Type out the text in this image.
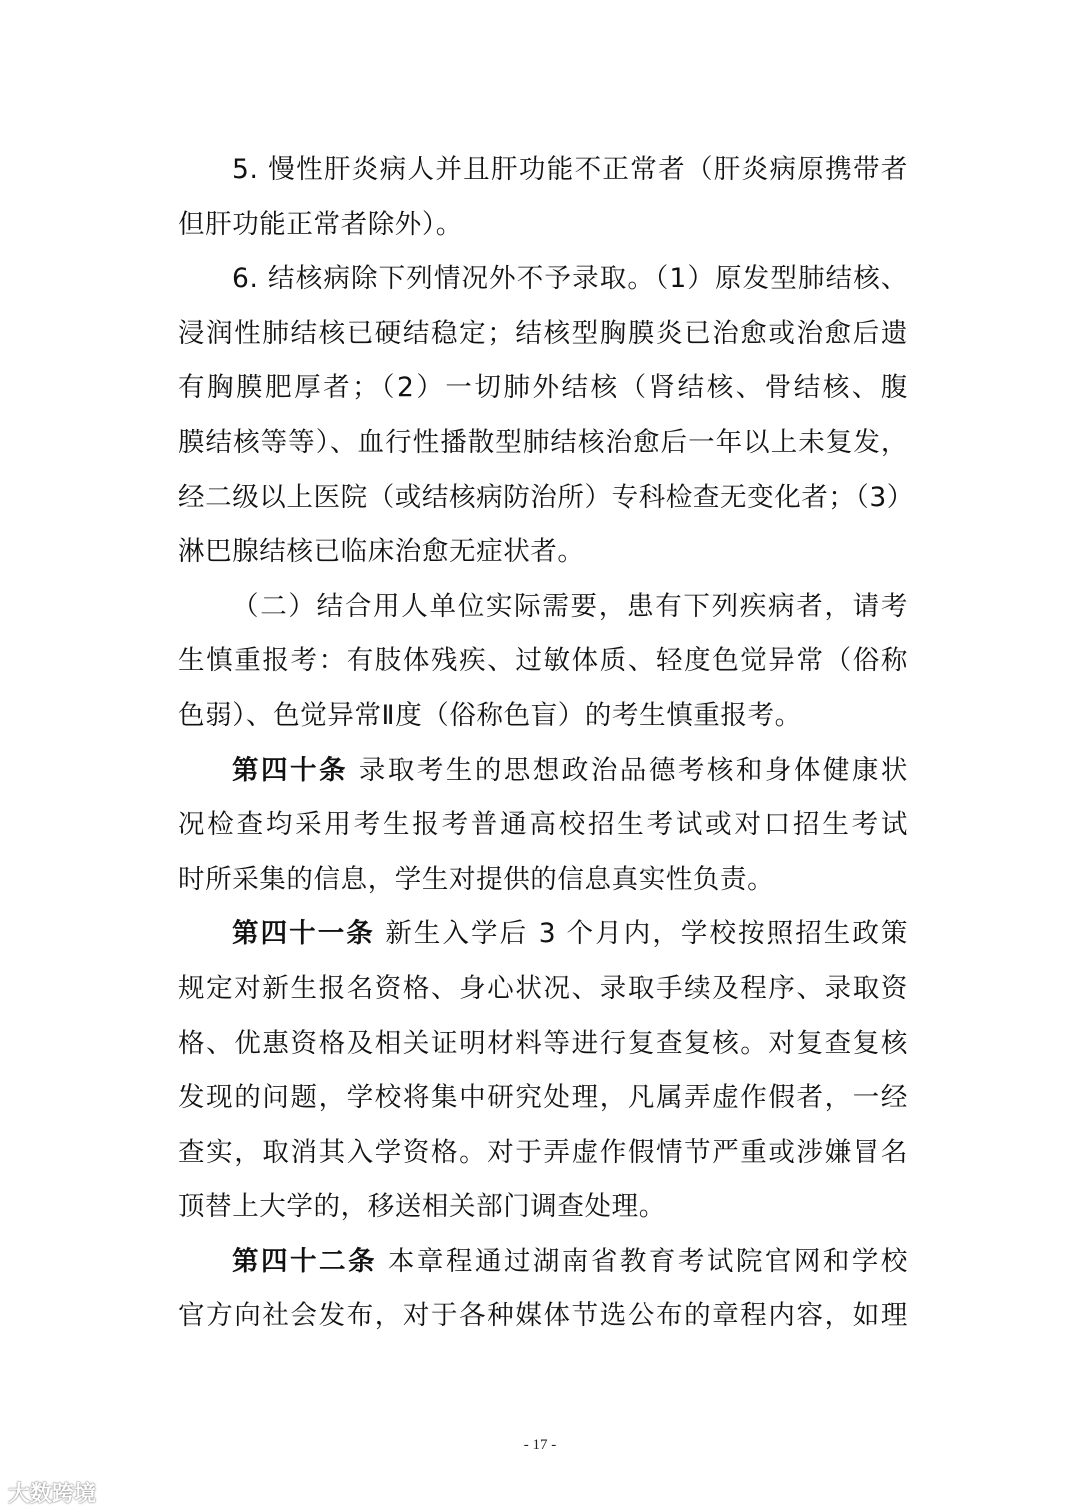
5. 慢性肝炎病人并且肝功能不正常者（肝炎病原携带者
但肝功能正常者除外）。
6. 结核病除下列情况外不予录取。（1）原发型肺结核、
浸润性肺结核已硬结稳定；结核型胸膜炎已治愈或治愈后遗
有胸膜肥厚者；（2）一切肺外结核（肾结核、骨结核、腹
膜结核等等）、血行性播散型肺结核治愈后一年以上未复发，
经二级以上医院（或结核病防治所）专科检查无变化者；（3）
淋巴腺结核已临床治愈无症状者。
（二）结合用人单位实际需要，患有下列疾病者，请考
生慎重报考：有肢体残疾、过敏体质、轻度色觉异常（俗称
色弱）、色觉异常Ⅱ度（俗称色盲）的考生慎重报考。
第四十条 录取考生的思想政治品德考核和身体健康状
况检查均采用考生报考普通高校招生考试或对口招生考试
时所采集的信息，学生对提供的信息真实性负责。
第四十一条 新生入学后 3 个月内，学校按照招生政策
规定对新生报名资格、身心状况、录取手续及程序、录取资
格、优惠资格及相关证明材料等进行复查复核。对复查复核
发现的问题，学校将集中研究处理，凡属弄虚作假者，一经
查实，取消其入学资格。对于弄虚作假情节严重或涉嫌冒名
顶替上大学的，移送相关部门调查处理。
第四十二条 本章程通过湖南省教育考试院官网和学校
官方向社会发布，对于各种媒体节选公布的章程内容，如理
- 17 -
大数跨境
